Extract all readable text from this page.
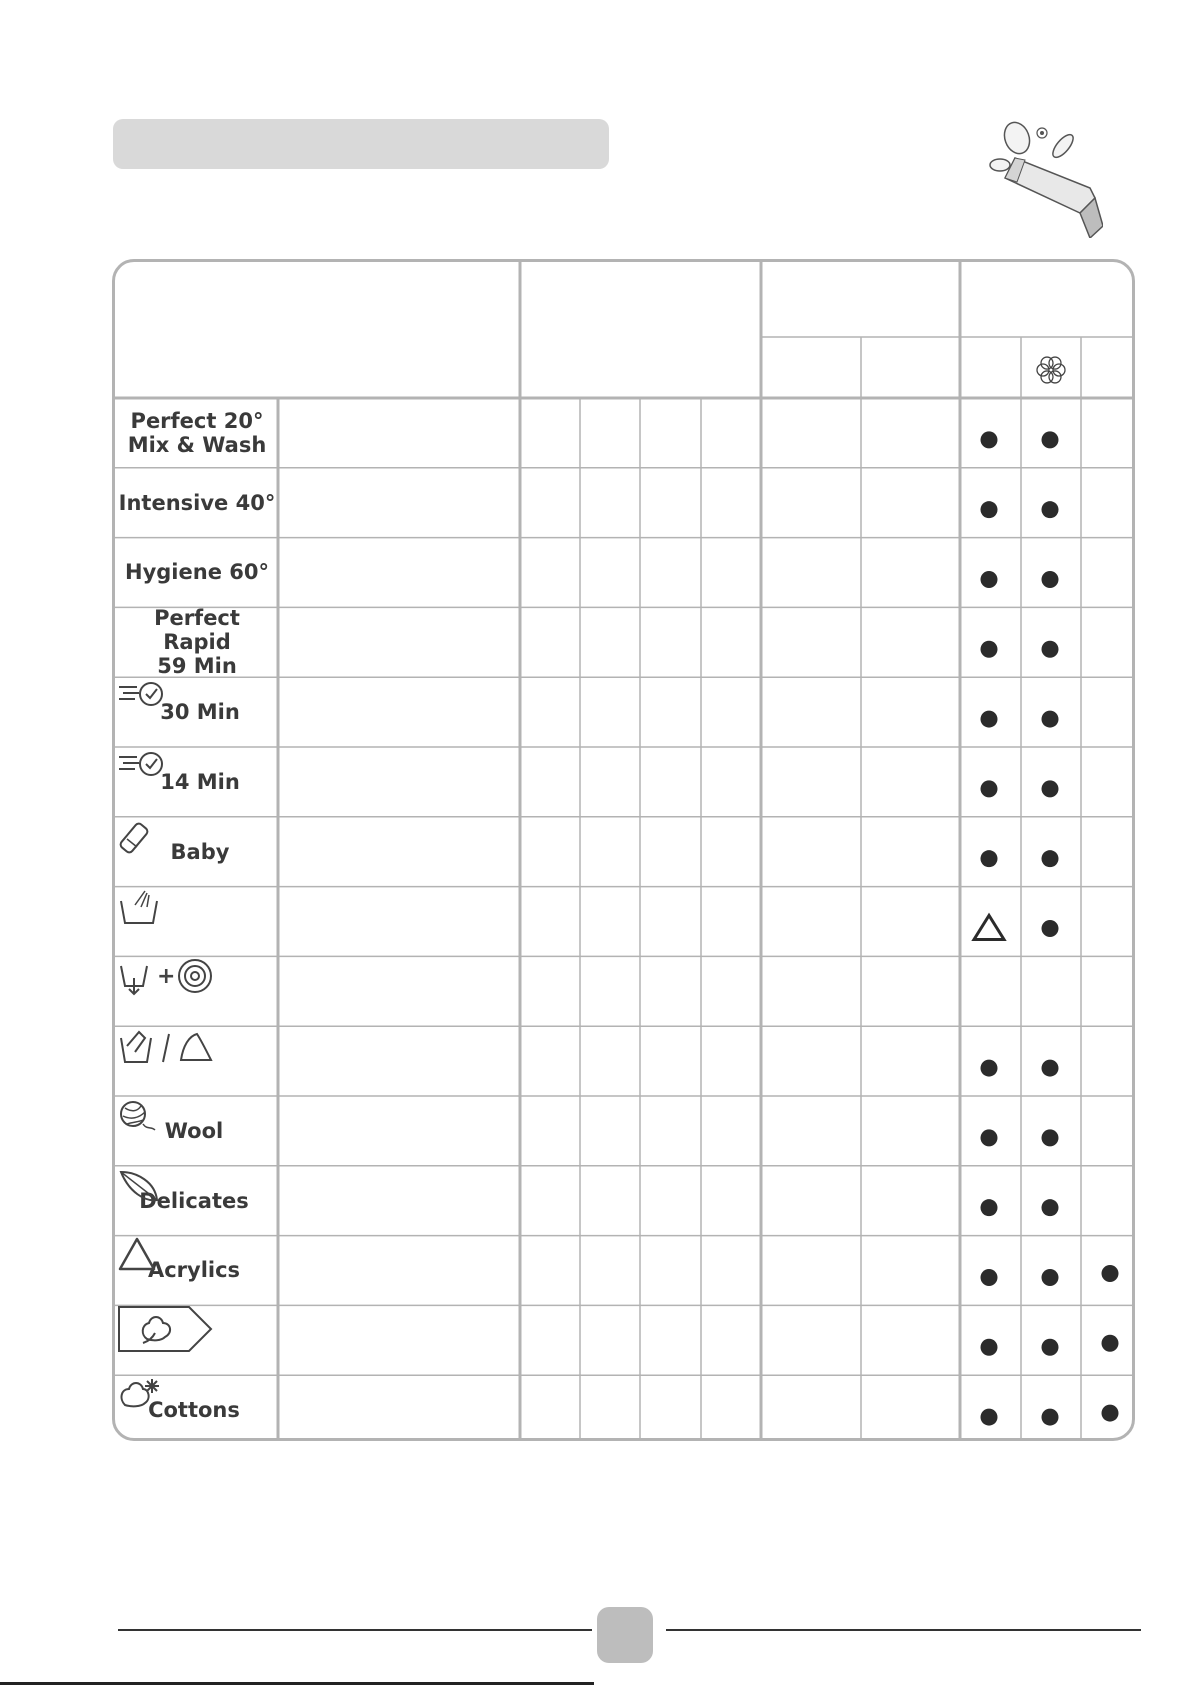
Perfect 20°
Mix & Wash
Intensive 40°
Hygiene 60°
Perfect Rapid
59 Min
30 Min
14 Min
Baby
+
Wool
Delicates
Acrylics
Cottons
